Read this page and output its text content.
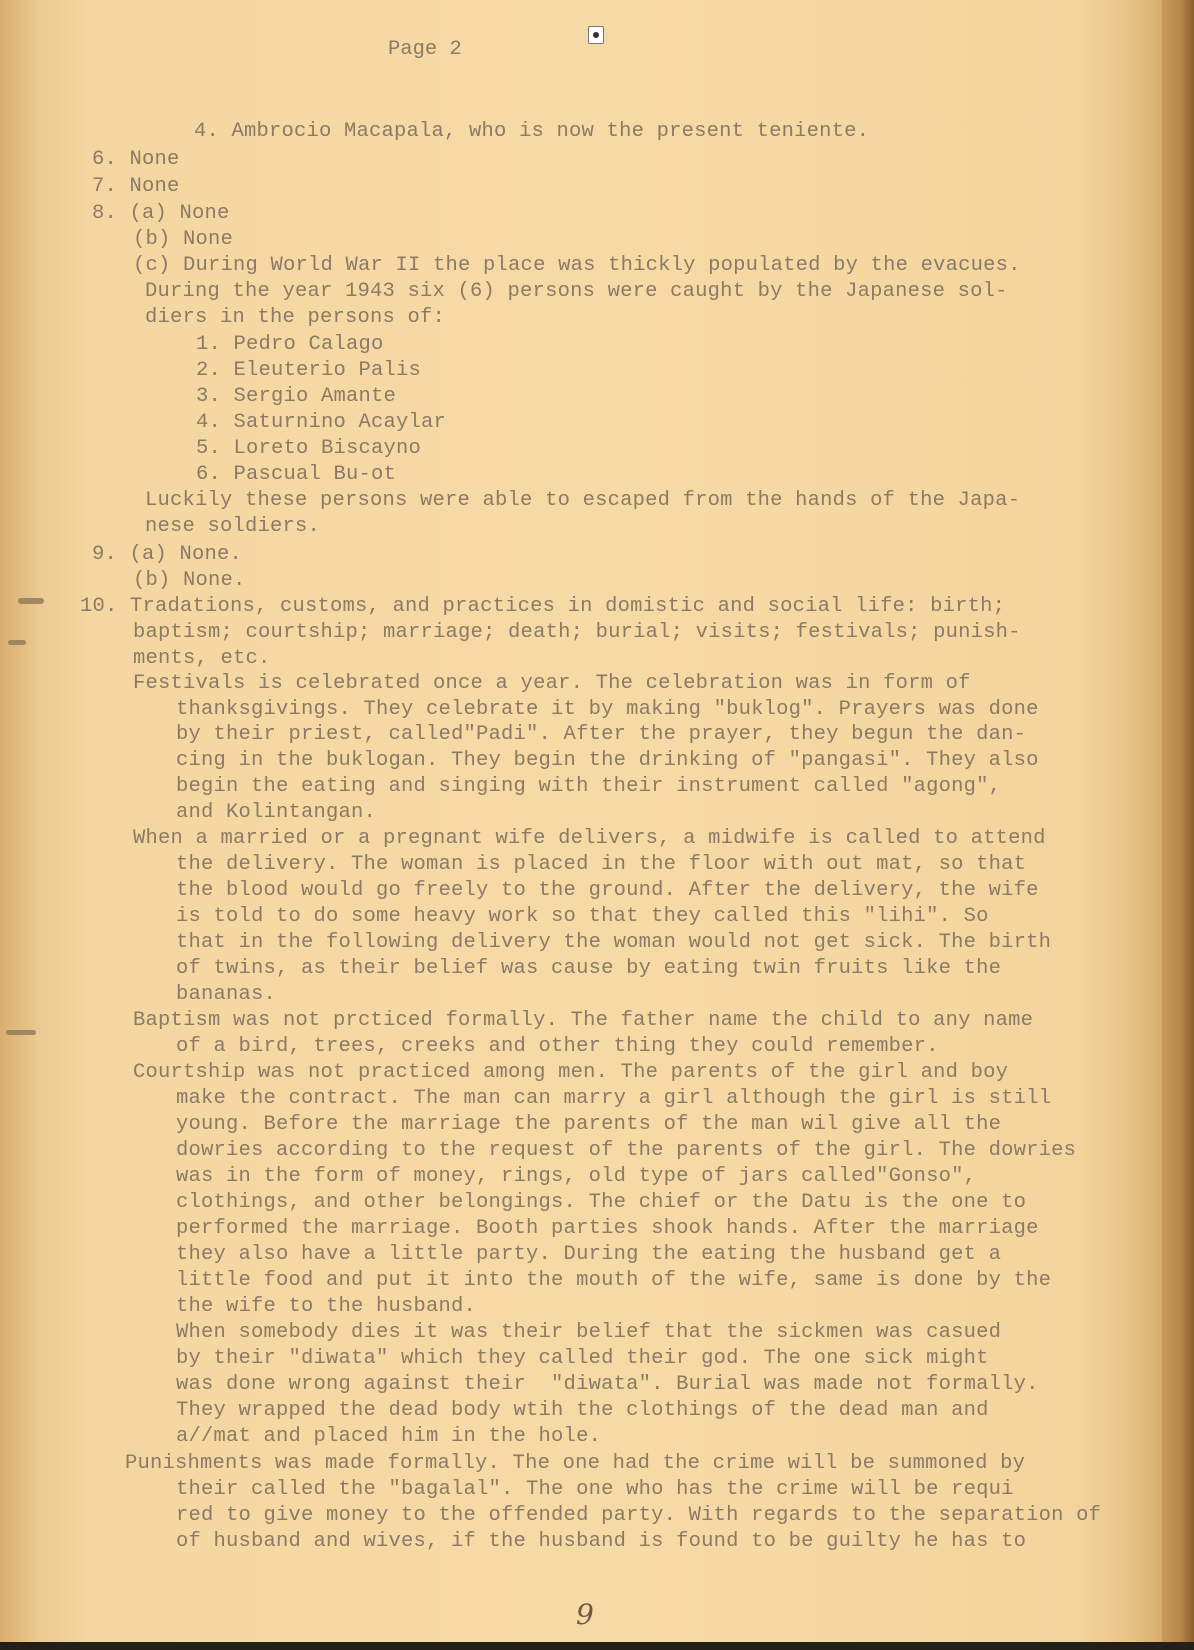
Page 2
4. Ambrocio Macapala, who is now the present teniente.
6. None
7. None
8. (a) None
(b) None
(c) During World War II the place was thickly populated by the evacues.
During the year 1943 six (6) persons were caught by the Japanese sol-
diers in the persons of:
1. Pedro Calago
2. Eleuterio Palis
3. Sergio Amante
4. Saturnino Acaylar
5. Loreto Biscayno
6. Pascual Bu-ot
Luckily these persons were able to escaped from the hands of the Japa-
nese soldiers.
9. (a) None.
(b) None.
10. Tradations, customs, and practices in domistic and social life: birth;
baptism; courtship; marriage; death; burial; visits; festivals; punish-
ments, etc.
Festivals is celebrated once a year. The celebration was in form of
thanksgivings. They celebrate it by making "buklog". Prayers was done
by their priest, called"Padi". After the prayer, they begun the dan-
cing in the buklogan. They begin the drinking of "pangasi". They also
begin the eating and singing with their instrument called "agong",
and Kolintangan.
When a married or a pregnant wife delivers, a midwife is called to attend
the delivery. The woman is placed in the floor with out mat, so that
the blood would go freely to the ground. After the delivery, the wife
is told to do some heavy work so that they called this "lihi". So
that in the following delivery the woman would not get sick. The birth
of twins, as their belief was cause by eating twin fruits like the
bananas.
Baptism was not prcticed formally. The father name the child to any name
of a bird, trees, creeks and other thing they could remember.
Courtship was not practiced among men. The parents of the girl and boy
make the contract. The man can marry a girl although the girl is still
young. Before the marriage the parents of the man wil give all the
dowries according to the request of the parents of the girl. The dowries
was in the form of money, rings, old type of jars called"Gonso",
clothings, and other belongings. The chief or the Datu is the one to
performed the marriage. Booth parties shook hands. After the marriage
they also have a little party. During the eating the husband get a
little food and put it into the mouth of the wife, same is done by the
the wife to the husband.
When somebody dies it was their belief that the sickmen was casued
by their "diwata" which they called their god. The one sick might
was done wrong against their  "diwata". Burial was made not formally.
They wrapped the dead body wtih the clothings of the dead man and
a//mat and placed him in the hole.
Punishments was made formally. The one had the crime will be summoned by
their called the "bagalal". The one who has the crime will be requi
red to give money to the offended party. With regards to the separation of
of husband and wives, if the husband is found to be guilty he has to
9
